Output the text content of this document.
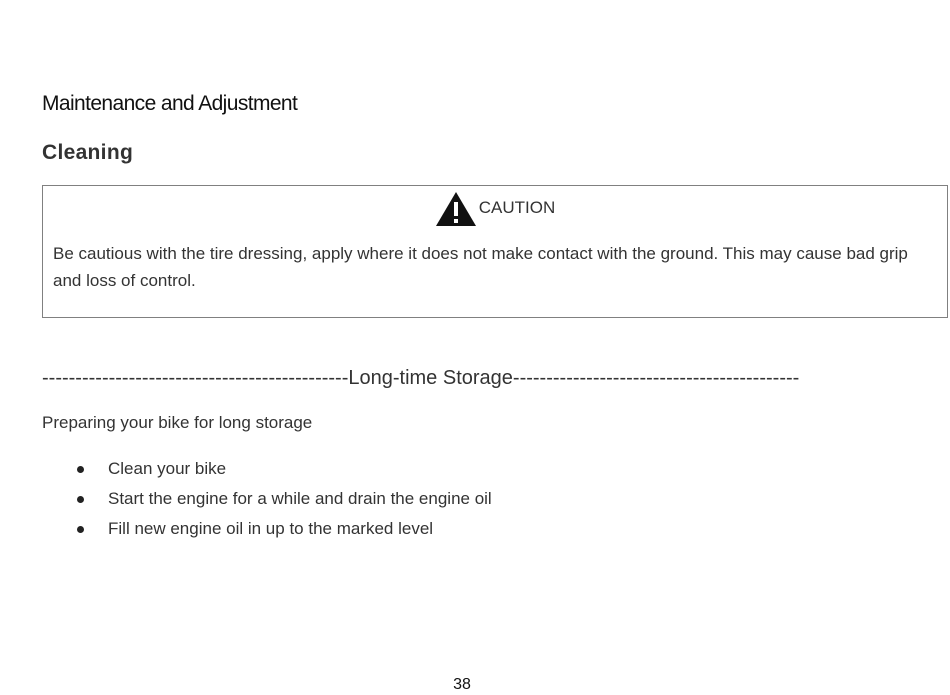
Maintenance and Adjustment
Cleaning
CAUTION
Be cautious with the tire dressing, apply where it does not make contact with the ground. This may cause bad grip and loss of control.
----------------------------------------------Long-time Storage-------------------------------------------
Preparing your bike for long storage
Clean your bike
Start the engine for a while and drain the engine oil
Fill new engine oil in up to the marked level
38
